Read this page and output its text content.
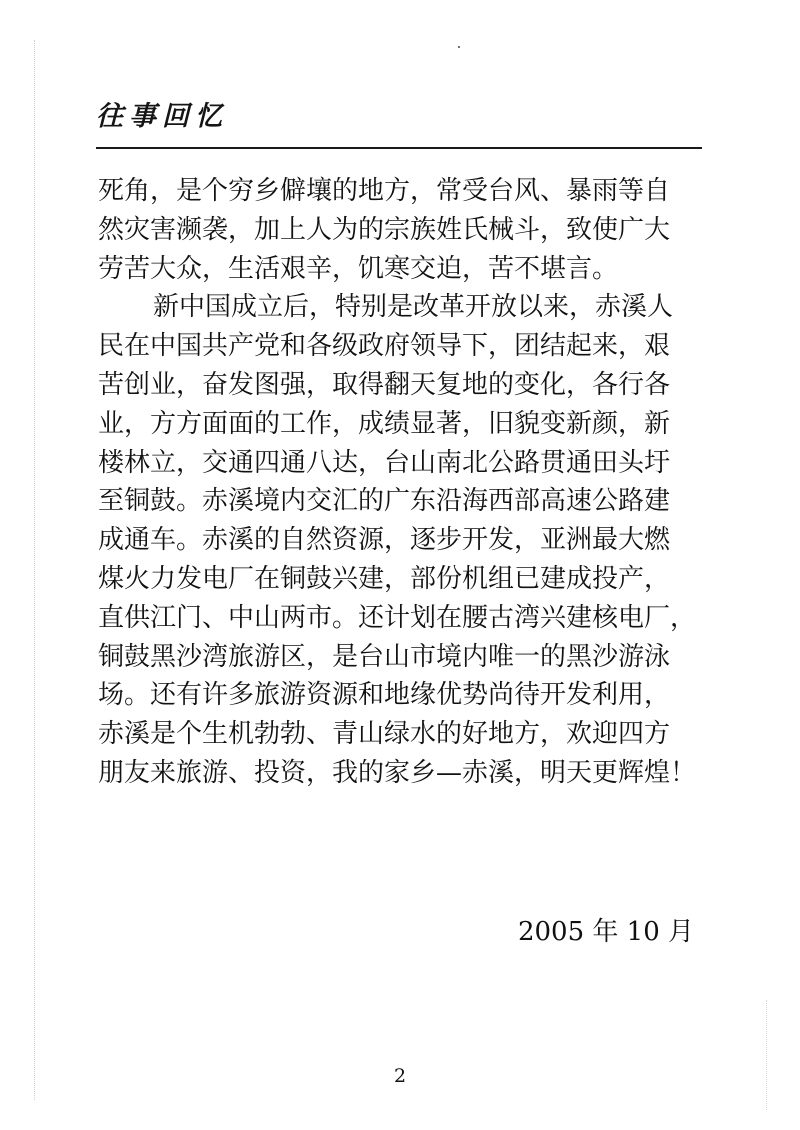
往事回忆
死角，是个穷乡僻壤的地方，常受台风、暴雨等自
然灾害濒袭，加上人为的宗族姓氏械斗，致使广大
劳苦大众，生活艰辛，饥寒交迫，苦不堪言。
新中国成立后，特别是改革开放以来，赤溪人
民在中国共产党和各级政府领导下，团结起来，艰
苦创业，奋发图强，取得翻天复地的变化，各行各
业，方方面面的工作，成绩显著，旧貌变新颜，新
楼林立，交通四通八达，台山南北公路贯通田头圩
至铜鼓。赤溪境内交汇的广东沿海西部高速公路建
成通车。赤溪的自然资源，逐步开发，亚洲最大燃
煤火力发电厂在铜鼓兴建，部份机组已建成投产，
直供江门、中山两市。还计划在腰古湾兴建核电厂，
铜鼓黑沙湾旅游区，是台山市境内唯一的黑沙游泳
场。还有许多旅游资源和地缘优势尚待开发利用，
赤溪是个生机勃勃、青山绿水的好地方，欢迎四方
朋友来旅游、投资，我的家乡—赤溪，明天更辉煌！
2005 年 10 月
2
